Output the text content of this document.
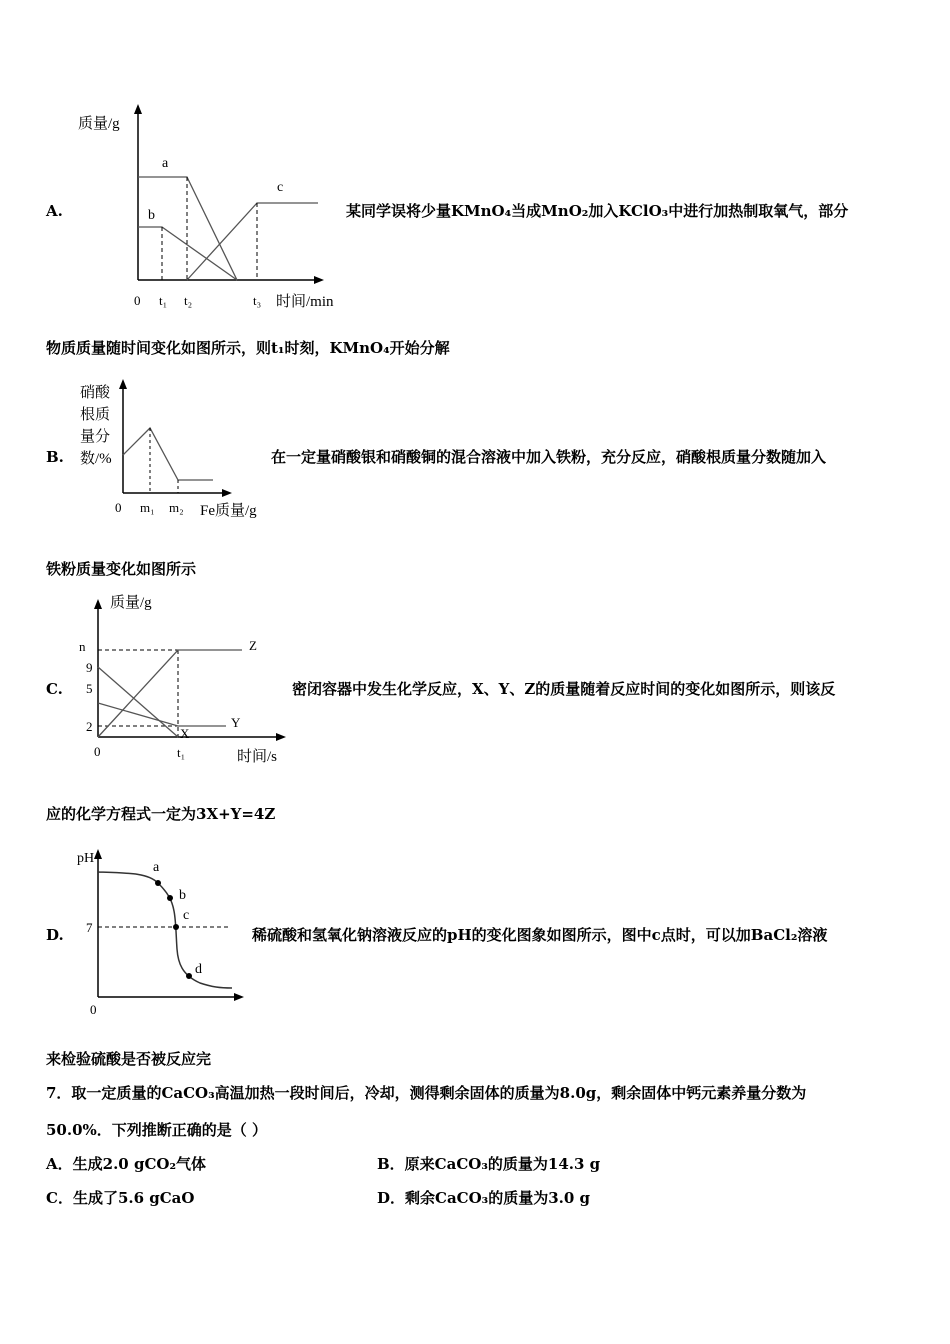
A.
质量/g
a
b
c
0 t₁ t₂	t₃ 时间/min
某同学误将少量KMnO₄当成MnO₂加入KClO₃中进行加热制取氧气，部分
物质质量随时间变化如图所示，则t₁时刻，KMnO₄开始分解
B.
硝酸
根质
量分
数/%
0 m₁ m₂ Fe质量/g
在一定量硝酸银和硝酸铜的混合溶液中加入铁粉，充分反应，硝酸根质量分数随加入
铁粉质量变化如图所示
C.
质量/g
n
9
5
2
0	t₁
Z
Y
X
时间/s
密闭容器中发生化学反应，X、Y、Z的质量随着反应时间的变化如图所示，则该反
应的化学方程式一定为3X+Y=4Z
D.
pH
7
0
a
b
c
d
稀硫酸和氢氧化钠溶液反应的pH的变化图象如图所示，图中c点时，可以加BaCl₂溶液
来检验硫酸是否被反应完
7．取一定质量的CaCO₃高温加热一段时间后，冷却，测得剩余固体的质量为8.0g，剩余固体中钙元素养量分数为
50.0%．下列推断正确的是（ ）
A．生成2.0 gCO₂气体	B．原来CaCO₃的质量为14.3 g
C．生成了5.6 gCaO	D．剩余CaCO₃的质量为3.0 g
